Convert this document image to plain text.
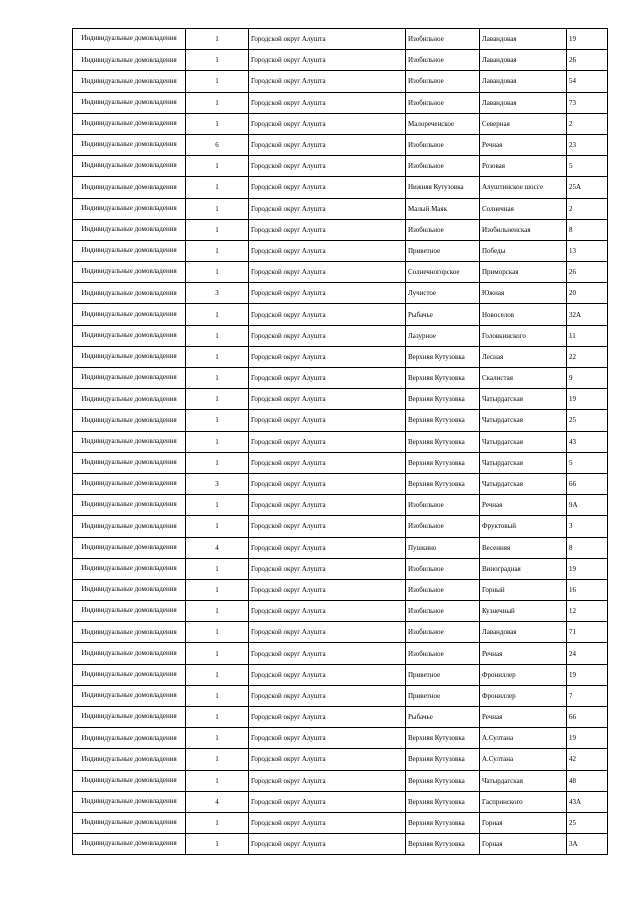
Индивидуальные домовладения	1	Городской округ Алушта	Изобильное	Лавандовая	19
Индивидуальные домовладения	1	Городской округ Алушта	Изобильное	Лавандовая	26
Индивидуальные домовладения	1	Городской округ Алушта	Изобильное	Лавандовая	54
Индивидуальные домовладения	1	Городской округ Алушта	Изобильное	Лавандовая	73
Индивидуальные домовладения	1	Городской округ Алушта	Малореченское	Северная	2
Индивидуальные домовладения	6	Городской округ Алушта	Изобильное	Речная	23
Индивидуальные домовладения	1	Городской округ Алушта	Изобильное	Розовая	5
Индивидуальные домовладения	1	Городской округ Алушта	Нижняя Кутузовка	Алуштинское шоссе	25А
Индивидуальные домовладения	1	Городской округ Алушта	Малый Маяк	Солнечная	2
Индивидуальные домовладения	1	Городской округ Алушта	Изобильное	Изобильненская	8
Индивидуальные домовладения	1	Городской округ Алушта	Приветное	Победы	13
Индивидуальные домовладения	1	Городской округ Алушта	Солнечногорское	Приморская	26
Индивидуальные домовладения	3	Городской округ Алушта	Лучистое	Южная	20
Индивидуальные домовладения	1	Городской округ Алушта	Рыбачье	Новоселов	32А
Индивидуальные домовладения	1	Городской округ Алушта	Лазурное	Головкинского	11
Индивидуальные домовладения	1	Городской округ Алушта	Верхняя Кутузовка	Лесная	22
Индивидуальные домовладения	1	Городской округ Алушта	Верхняя Кутузовка	Скалистая	9
Индивидуальные домовладения	1	Городской округ Алушта	Верхняя Кутузовка	Чатырдагская	19
Индивидуальные домовладения	1	Городской округ Алушта	Верхняя Кутузовка	Чатырдагская	25
Индивидуальные домовладения	1	Городской округ Алушта	Верхняя Кутузовка	Чатырдагская	43
Индивидуальные домовладения	1	Городской округ Алушта	Верхняя Кутузовка	Чатырдагская	5
Индивидуальные домовладения	3	Городской округ Алушта	Верхняя Кутузовка	Чатырдагская	66
Индивидуальные домовладения	1	Городской округ Алушта	Изобильное	Речная	9А
Индивидуальные домовладения	1	Городской округ Алушта	Изобильное	Фруктовый	3
Индивидуальные домовладения	4	Городской округ Алушта	Пушкино	Весенняя	8
Индивидуальные домовладения	1	Городской округ Алушта	Изобильное	Виноградная	19
Индивидуальные домовладения	1	Городской округ Алушта	Изобильное	Горный	16
Индивидуальные домовладения	1	Городской округ Алушта	Изобильное	Кузнечный	12
Индивидуальные домовладения	1	Городской округ Алушта	Изобильное	Лавандовая	71
Индивидуальные домовладения	1	Городской округ Алушта	Изобильное	Речная	24
Индивидуальные домовладения	1	Городской округ Алушта	Приветное	Фрониллер	19
Индивидуальные домовладения	1	Городской округ Алушта	Приветное	Фрониллер	7
Индивидуальные домовладения	1	Городской округ Алушта	Рыбачье	Речная	66
Индивидуальные домовладения	1	Городской округ Алушта	Верхняя Кутузовка	А.Султана	19
Индивидуальные домовладения	1	Городской округ Алушта	Верхняя Кутузовка	А.Султана	42
Индивидуальные домовладения	1	Городской округ Алушта	Верхняя Кутузовка	Чатырдагская	48
Индивидуальные домовладения	4	Городской округ Алушта	Верхняя Кутузовка	Гаспринского	43А
Индивидуальные домовладения	1	Городской округ Алушта	Верхняя Кутузовка	Горная	25
Индивидуальные домовладения	1	Городской округ Алушта	Верхняя Кутузовка	Горная	3А
